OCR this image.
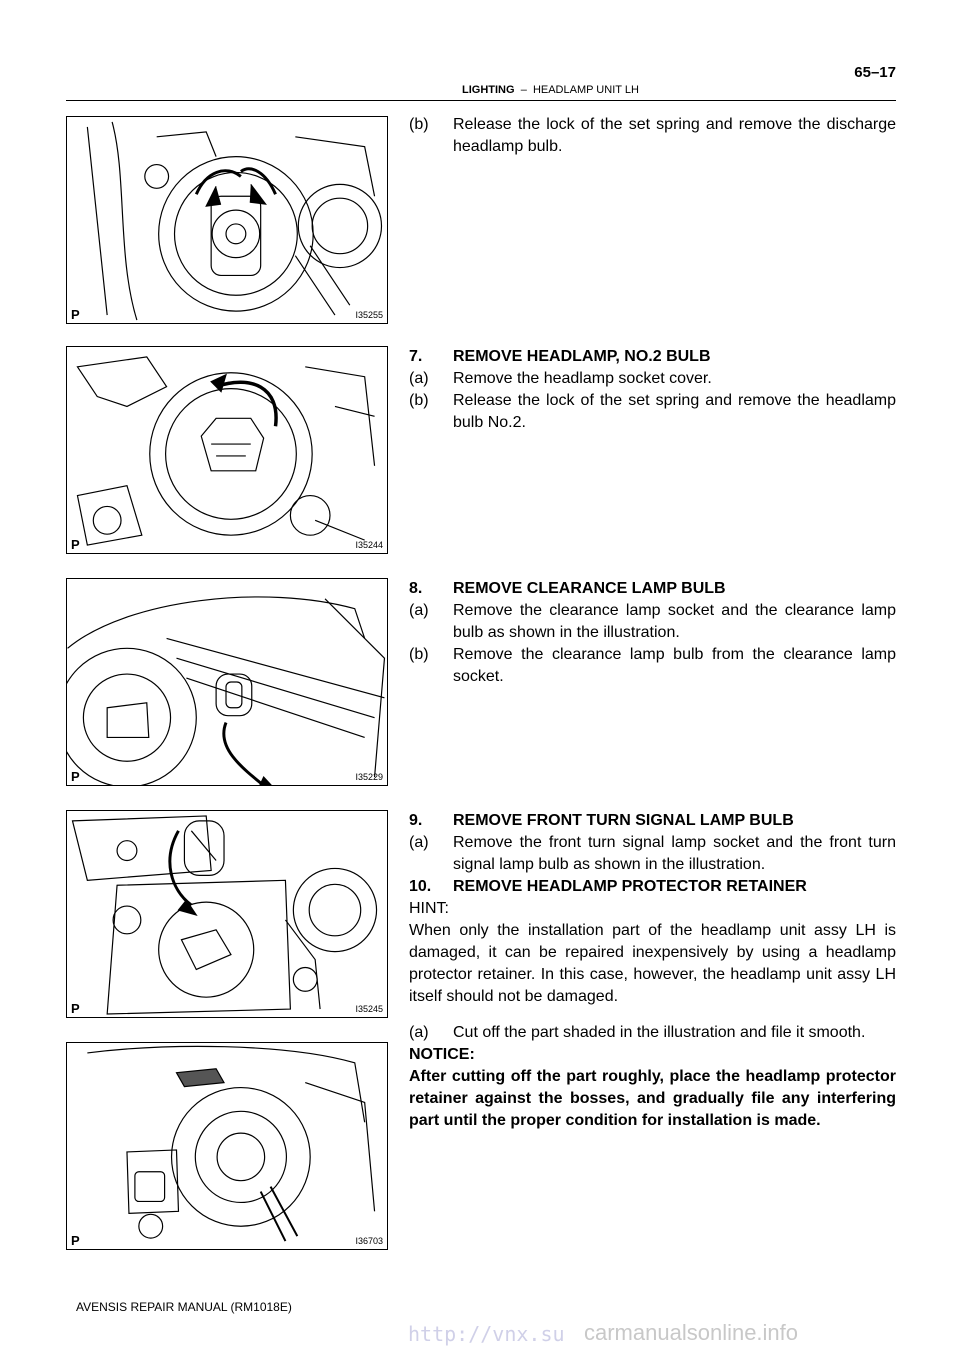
65–17
LIGHTING – HEADLAMP UNIT LH
P	I35255
P	I35244
P	I35229
P	I35245
P	I36703
(b)	Release the lock of the set spring and remove the discharge headlamp bulb.
7.	REMOVE HEADLAMP, NO.2 BULB
(a)	Remove the headlamp socket cover.
(b)	Release the lock of the set spring and remove the headlamp bulb No.2.
8.	REMOVE CLEARANCE LAMP BULB
(a)	Remove the clearance lamp socket and the clearance lamp bulb as shown in the illustration.
(b)	Remove the clearance lamp bulb from the clearance lamp socket.
9.	REMOVE FRONT TURN SIGNAL LAMP BULB
(a)	Remove the front turn signal lamp socket and the front turn signal lamp bulb as shown in the illustration.
10.	REMOVE HEADLAMP PROTECTOR RETAINER
HINT:
When only the installation part of the headlamp unit assy LH is damaged, it can be repaired inexpensively by using a headlamp protector retainer. In this case, however, the headlamp unit assy LH itself should not be damaged.
(a)	Cut off the part shaded in the illustration and file it smooth.
NOTICE:
After cutting off the part roughly, place the headlamp protector retainer against the bosses, and gradually file any interfering part until the proper condition for installation is made.
AVENSIS REPAIR MANUAL (RM1018E)
http://vnx.su carmanualsonline.info
